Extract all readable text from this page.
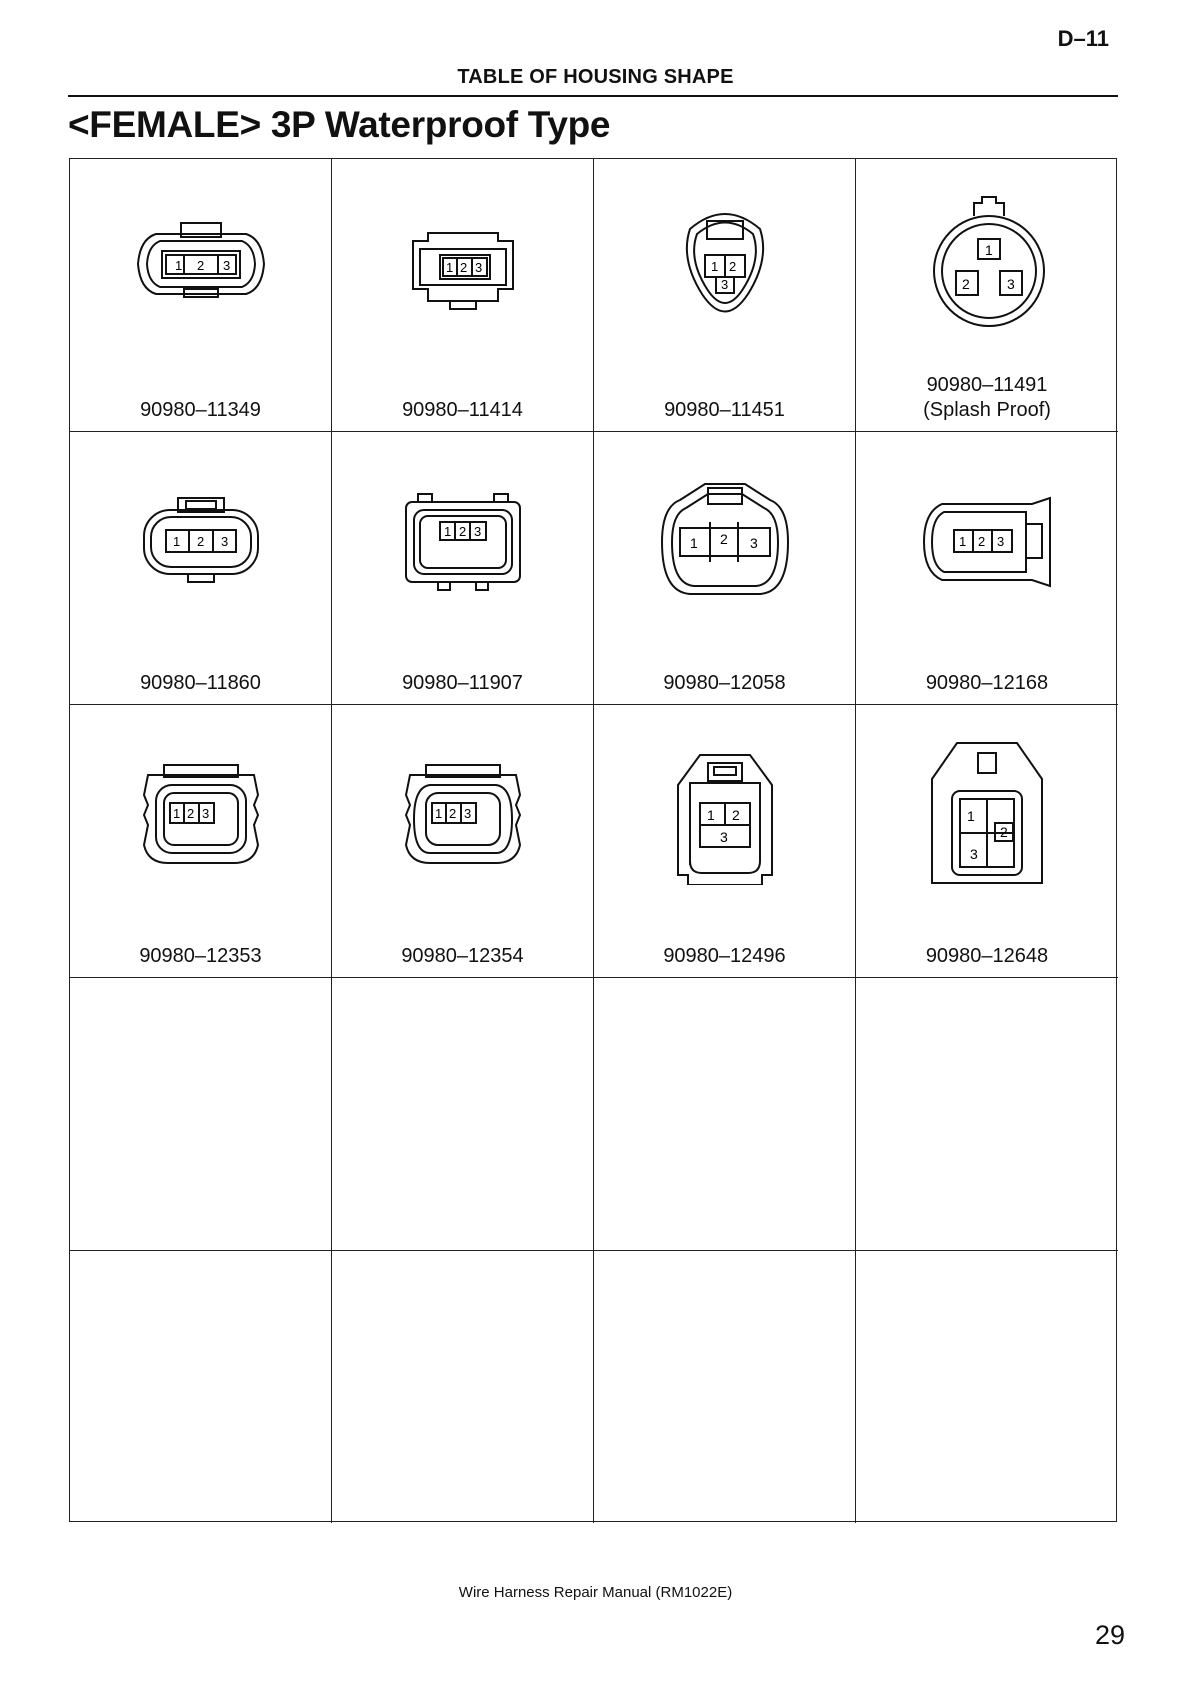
D–11
TABLE OF HOUSING SHAPE
<FEMALE> 3P Waterproof Type
1 2 3
90980–11349
1 2 3
90980–11414
1 2
3
90980–11451
1
2	3
90980–11491
(Splash Proof)
1 2 3
90980–11860
1 2 3
90980–11907
1 2 3
90980–12058
1 2 3
90980–12168
1 2 3
90980–12353
1 2 3
90980–12354
1 2
3
90980–12496
1
2
3
90980–12648
Wire Harness Repair Manual (RM1022E)
29
